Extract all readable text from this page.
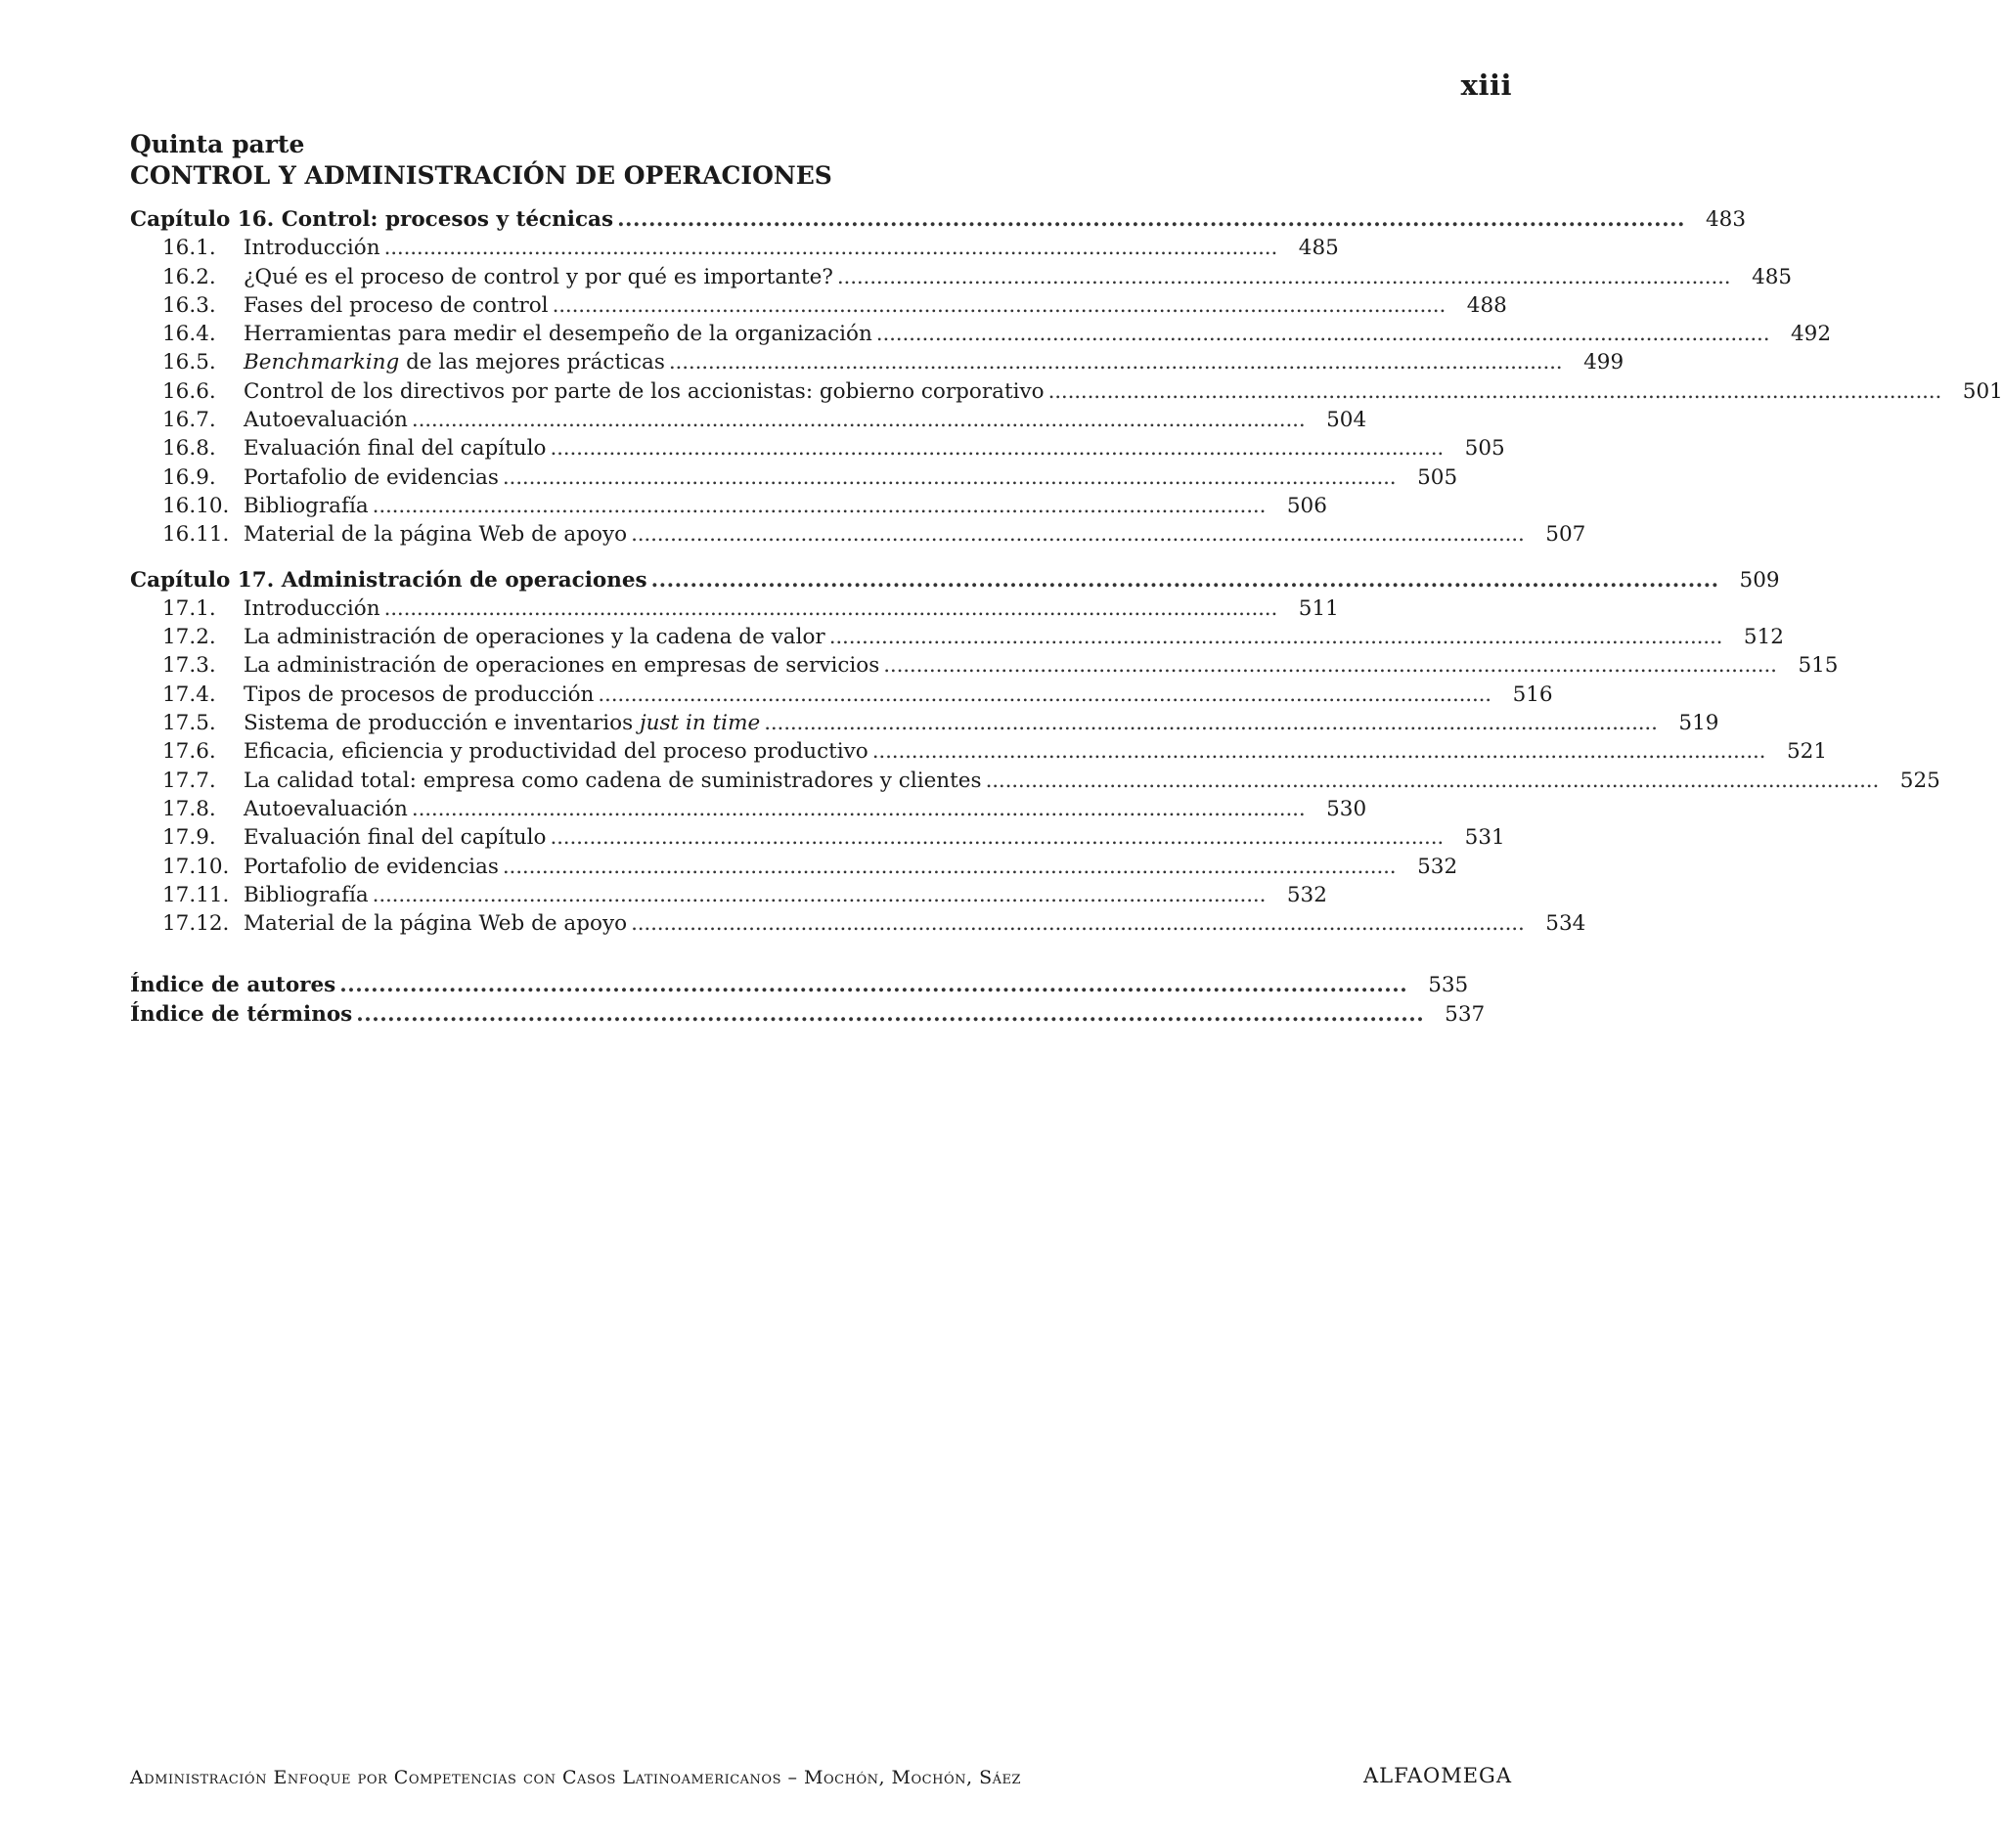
xiii
Quinta parte
CONTROL Y ADMINISTRACIÓN DE OPERACIONES
Capítulo 16. Control: procesos y técnicas . . .	483
16.1.	Introducción . . .	485
16.2.	¿Qué es el proceso de control y por qué es importante? . . .	485
16.3.	Fases del proceso de control . . .	488
16.4.	Herramientas para medir el desempeño de la organización . . .	492
16.5.	Benchmarking de las mejores prácticas . . .	499
16.6.	Control de los directivos por parte de los accionistas: gobierno corporativo . . .	501
16.7.	Autoevaluación . . .	504
16.8.	Evaluación final del capítulo . . .	505
16.9.	Portafolio de evidencias . . .	505
16.10. Bibliografía . . .	506
16.11. Material de la página Web de apoyo . . .	507
Capítulo 17. Administración de operaciones . . .	509
17.1.	Introducción . . .	511
17.2.	La administración de operaciones y la cadena de valor . . .	512
17.3.	La administración de operaciones en empresas de servicios . . .	515
17.4.	Tipos de procesos de producción . . .	516
17.5.	Sistema de producción e inventarios just in time . . .	519
17.6.	Eficacia, eficiencia y productividad del proceso productivo . . .	521
17.7.	La calidad total: empresa como cadena de suministradores y clientes . . .	525
17.8.	Autoevaluación . . .	530
17.9.	Evaluación final del capítulo . . .	531
17.10. Portafolio de evidencias . . .	532
17.11. Bibliografía . . .	532
17.12. Material de la página Web de apoyo . . .	534
Índice de autores . . .	535
Índice de términos . . .	537
Administración Enfoque por Competencias con Casos Latinoamericanos – Mochón, Mochón, Sáez	ALFAOMEGA
